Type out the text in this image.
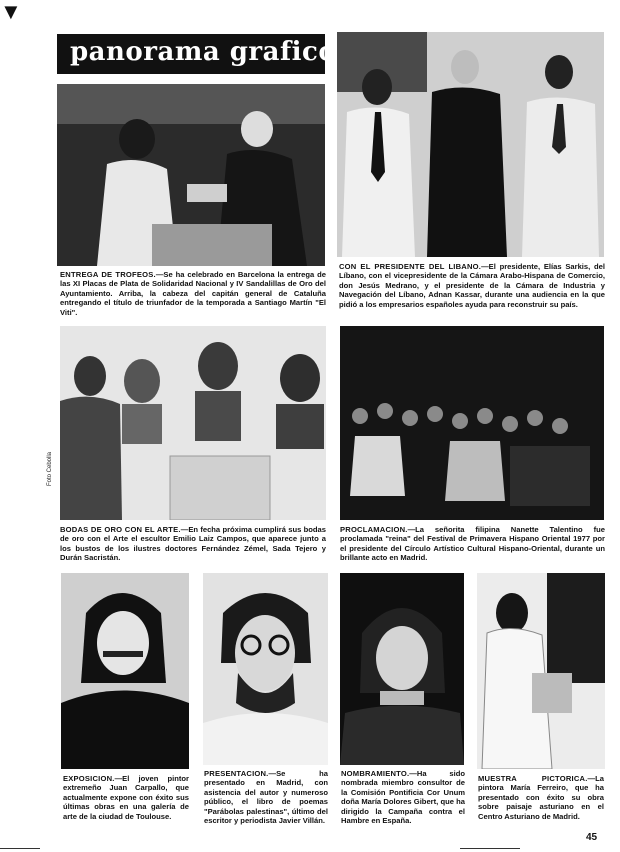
▼
panorama grafico
ENTREGA DE TROFEOS.—Se ha celebrado en Barcelona la entrega de las XI Placas de Plata de Solidaridad Nacional y IV Sandalillas de Oro del Ayuntamiento. Arriba, la cabeza del capitán general de Cataluña entregando el título de triunfador de la temporada a Santiago Martín "El Viti".
CON EL PRESIDENTE DEL LIBANO.—El presidente, Elías Sarkis, del Líbano, con el vicepresidente de la Cámara Arabo-Hispana de Comercio, don Jesús Medrano, y el presidente de la Cámara de Industria y Navegación del Líbano, Adnan Kassar, durante una audiencia en la que pidió a los empresarios españoles ayuda para reconstruir su país.
Foto Cebolla
BODAS DE ORO CON EL ARTE.—En fecha próxima cumplirá sus bodas de oro con el Arte el escultor Emilio Laiz Campos, que aparece junto a los bustos de los ilustres doctores Fernández Zémel, Sada Tejero y Durán Sacristán.
PROCLAMACION.—La señorita filipina Nanette Talentino fue proclamada "reina" del Festival de Primavera Hispano Oriental 1977 por el presidente del Círculo Artístico Cultural Hispano-Oriental, durante un brillante acto en Madrid.
EXPOSICION.—El joven pintor extremeño Juan Carpallo, que actualmente expone con éxito sus últimas obras en una galería de arte de la ciudad de Toulouse.
PRESENTACION.—Se ha presentado en Madrid, con asistencia del autor y numeroso público, el libro de poemas "Parábolas palestinas", último del escritor y periodista Javier Villán.
NOMBRAMIENTO.—Ha sido nombrada miembro consultor de la Comisión Pontificia Cor Unum doña María Dolores Gibert, que ha dirigido la Campaña contra el Hambre en España.
MUESTRA PICTORICA.—La pintora María Ferreiro, que ha presentado con éxito su obra sobre paisaje asturiano en el Centro Asturiano de Madrid.
45
